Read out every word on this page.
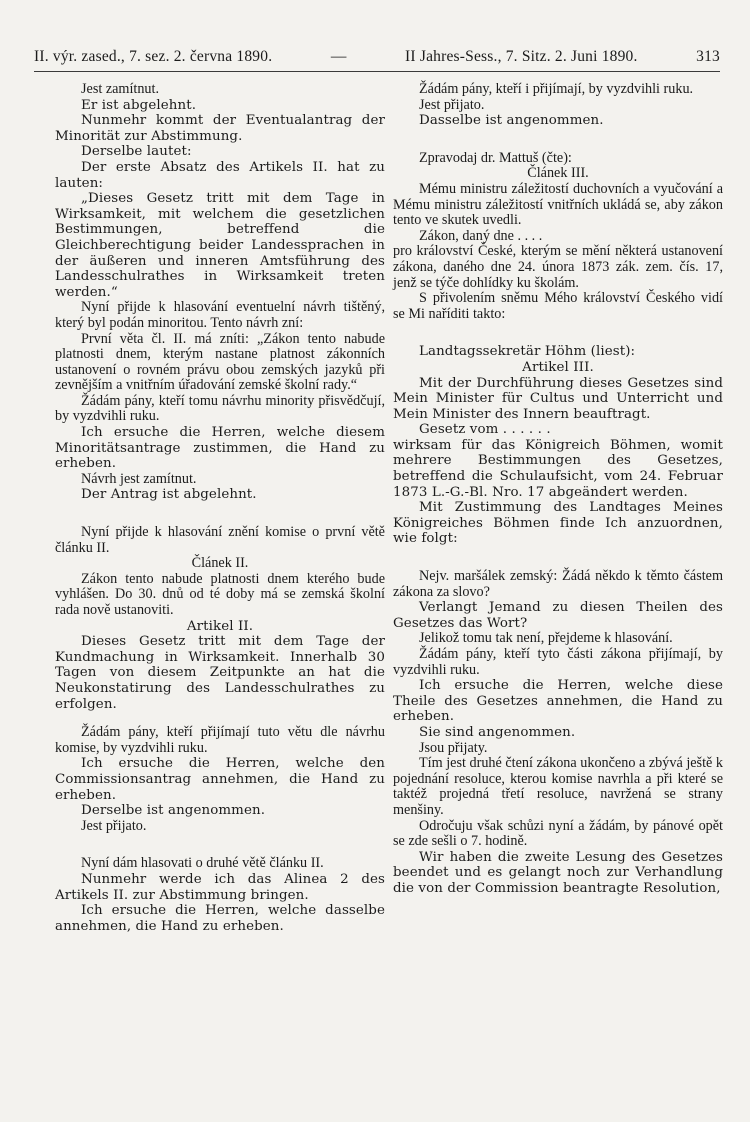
II. výr. zased., 7. sez. 2. června 1890.	—	II Jahres-Sess., 7. Sitz. 2. Juni 1890.	313

Jest zamítnut.

Er ist abgelehnt.

Nunmehr kommt der Eventualantrag der Minorität zur Abstimmung.

Derselbe lautet:

Der erste Absatz des Artikels II. hat zu lauten:

„Dieses Gesetz tritt mit dem Tage in Wirksamkeit, mit welchem die gesetzlichen Bestimmungen, betreffend die Gleichberechtigung beider Landessprachen in der äußeren und inneren Amtsführung des Landesschulrathes in Wirksamkeit treten werden.“

Nyní přijde k hlasování eventuelní návrh tištěný, který byl podán minoritou. Tento návrh zní:

První věta čl. II. má zníti: „Zákon tento nabude platnosti dnem, kterým nastane platnost zákonních ustanovení o rovném právu obou zemských jazyků při zevnějším a vnitřním úřadování zemské školní rady.“

Žádám pány, kteří tomu návrhu minority přisvědčují, by vyzdvihli ruku.

Ich ersuche die Herren, welche diesem Minoritätsantrage zustimmen, die Hand zu erheben.

Návrh jest zamítnut.

Der Antrag ist abgelehnt.

Nyní přijde k hlasování znění komise o první větě článku II.

Článek II.

Zákon tento nabude platnosti dnem kterého bude vyhlášen. Do 30. dnů od té doby má se zemská školní rada nově ustanoviti.

Artikel II.

Dieses Gesetz tritt mit dem Tage der Kundmachung in Wirksamkeit. Innerhalb 30 Tagen von diesem Zeitpunkte an hat die Neukonstatirung des Landesschulrathes zu erfolgen.

Žádám pány, kteří přijímají tuto větu dle návrhu komise, by vyzdvihli ruku.

Ich ersuche die Herren, welche den Commissionsantrag annehmen, die Hand zu erheben.

Derselbe ist angenommen.

Jest přijato.

Nyní dám hlasovati o druhé větě článku II.

Nunmehr werde ich das Alinea 2 des Artikels II. zur Abstimmung bringen.

Ich ersuche die Herren, welche dasselbe annehmen, die Hand zu erheben.

Žádám pány, kteří i přijímají, by vyzdvihli ruku.

Jest přijato.

Dasselbe ist angenommen.

Zpravodaj dr. Mattuš (čte):

Článek III.

Mému ministru záležitostí duchovních a vyučování a Mému ministru záležitostí vnitřních ukládá se, aby zákon tento ve skutek uvedli.

Zákon, daný dne . . . .

pro království České, kterým se mění některá ustanovení zákona, daného dne 24. února 1873 zák. zem. čís. 17, jenž se týče dohlídky ku školám.

S přivolením sněmu Mého království Českého vidí se Mi naříditi takto:

Landtagssekretär Höhm (liest):

Artikel III.

Mit der Durchführung dieses Gesetzes sind Mein Minister für Cultus und Unterricht und Mein Minister des Innern beauftragt.

Gesetz vom . . . . . .

wirksam für das Königreich Böhmen, womit mehrere Bestimmungen des Gesetzes, betreffend die Schulaufsicht, vom 24. Februar 1873 L.-G.-Bl. Nro. 17 abgeändert werden.

Mit Zustimmung des Landtages Meines Königreiches Böhmen finde Ich anzuordnen, wie folgt:

Nejv. maršálek zemský: Žádá někdo k těmto částem zákona za slovo?

Verlangt Jemand zu diesen Theilen des Gesetzes das Wort?

Jelikož tomu tak není, přejdeme k hlasování.

Žádám pány, kteří tyto části zákona přijímají, by vyzdvihli ruku.

Ich ersuche die Herren, welche diese Theile des Gesetzes annehmen, die Hand zu erheben.

Sie sind angenommen.

Jsou přijaty.

Tím jest druhé čtení zákona ukončeno a zbývá ještě k pojednání resoluce, kterou komise navrhla a při které se taktéž projedná třetí resoluce, navržená se strany menšiny.

Odročuju však schůzi nyní a žádám, by pánové opět se zde sešli o 7. hodině.

Wir haben die zweite Lesung des Gesetzes beendet und es gelangt noch zur Verhandlung die von der Commission beantragte Resolution,
